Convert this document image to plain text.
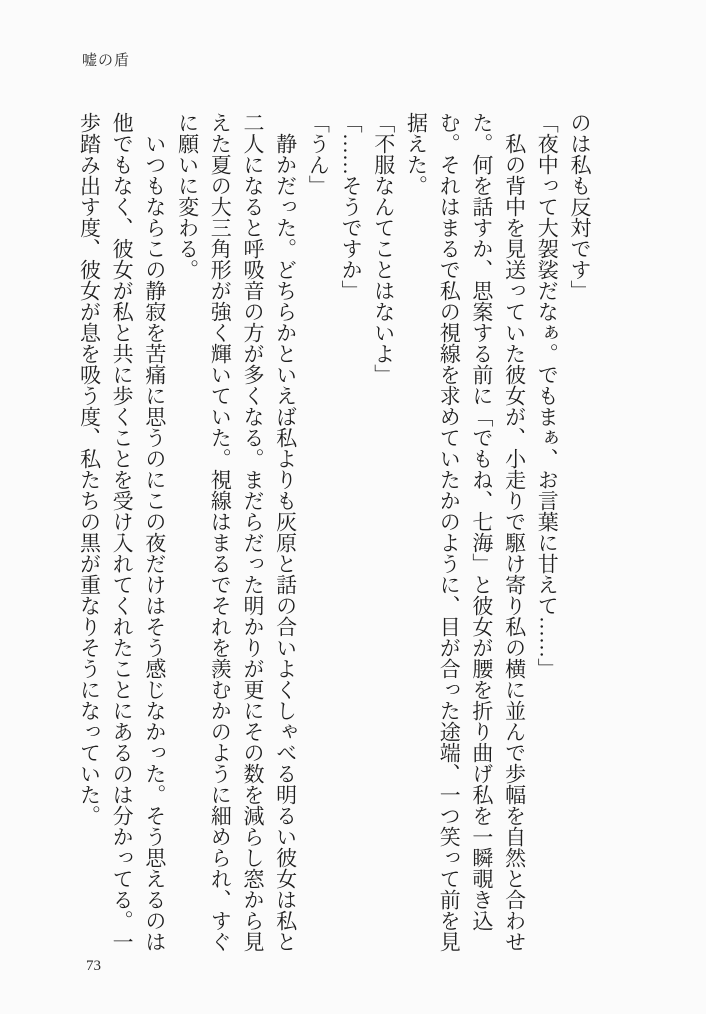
嘘の盾

のは私も反対です」

「夜中って大袈裟だなぁ。でもまぁ、お言葉に甘えて……」

私の背中を見送っていた彼女が、小走りで駆け寄り私の横に並んで歩幅を自然と合わせた。何を話すか、思案する前に「でもね、七海」と彼女が腰を折り曲げ私を一瞬覗き込む。それはまるで私の視線を求めていたかのように、目が合った途端、一つ笑って前を見据えた。

「不服なんてことはないよ」

「……そうですか」

「うん」

静かだった。どちらかといえば私よりも灰原と話の合いよくしゃべる明るい彼女は私と二人になると呼吸音の方が多くなる。まだらだった明かりが更にその数を減らし窓から見えた夏の大三角形が強く輝いていた。視線はまるでそれを羨むかのように細められ、すぐに願いに変わる。

いつもならこの静寂を苦痛に思うのにこの夜だけはそう感じなかった。そう思えるのは他でもなく、彼女が私と共に歩くことを受け入れてくれたことにあるのは分かってる。一歩踏み出す度、彼女が息を吸う度、私たちの黒が重なりそうになっていた。

73
